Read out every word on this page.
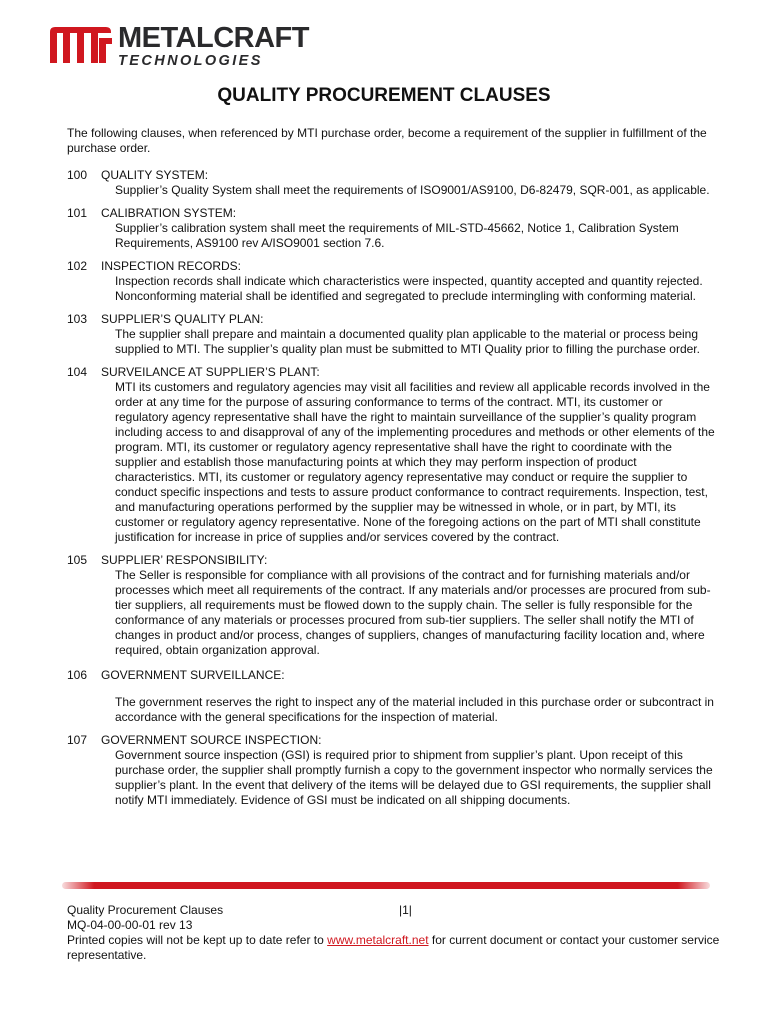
METALCRAFT
TECHNOLOGIES
QUALITY PROCUREMENT CLAUSES

The following clauses, when referenced by MTI purchase order, become a requirement of the supplier in fulfillment of the purchase order.

100	QUALITY SYSTEM:

Supplier’s Quality System shall meet the requirements of ISO9001/AS9100, D6-82479, SQR-001, as applicable.

101	CALIBRATION SYSTEM:

Supplier’s calibration system shall meet the requirements of MIL-STD-45662, Notice 1, Calibration System Requirements, AS9100 rev A/ISO9001 section 7.6.

102	INSPECTION RECORDS:

Inspection records shall indicate which characteristics were inspected, quantity accepted and quantity rejected. Nonconforming material shall be identified and segregated to preclude intermingling with conforming material.

103	SUPPLIER’S QUALITY PLAN:

The supplier shall prepare and maintain a documented quality plan applicable to the material or process being supplied to MTI. The supplier’s quality plan must be submitted to MTI Quality prior to filling the purchase order.

104	SURVEILANCE AT SUPPLIER’S PLANT:

MTI its customers and regulatory agencies may visit all facilities and review all applicable records involved in the order at any time for the purpose of assuring conformance to terms of the contract. MTI, its customer or regulatory agency representative shall have the right to maintain surveillance of the supplier’s quality program including access to and disapproval of any of the implementing procedures and methods or other elements of the program. MTI, its customer or regulatory agency representative shall have the right to coordinate with the supplier and establish those manufacturing points at which they may perform inspection of product characteristics. MTI, its customer or regulatory agency representative may conduct or require the supplier to conduct specific inspections and tests to assure product conformance to contract requirements. Inspection, test, and manufacturing operations performed by the supplier may be witnessed in whole, or in part, by MTI, its customer or regulatory agency representative. None of the foregoing actions on the part of MTI shall constitute justification for increase in price of supplies and/or services covered by the contract.

105	SUPPLIER’ RESPONSIBILITY:

The Seller is responsible for compliance with all provisions of the contract and for furnishing materials and/or processes which meet all requirements of the contract. If any materials and/or processes are procured from sub-tier suppliers, all requirements must be flowed down to the supply chain. The seller is fully responsible for the conformance of any materials or processes procured from sub-tier suppliers. The seller shall notify the MTI of changes in product and/or process, changes of suppliers, changes of manufacturing facility location and, where required, obtain organization approval.

106	GOVERNMENT SURVEILLANCE:

The government reserves the right to inspect any of the material included in this purchase order or subcontract in accordance with the general specifications for the inspection of material.

107	GOVERNMENT SOURCE INSPECTION:

Government source inspection (GSI) is required prior to shipment from supplier’s plant. Upon receipt of this purchase order, the supplier shall promptly furnish a copy to the government inspector who normally services the supplier’s plant. In the event that delivery of the items will be delayed due to GSI requirements, the supplier shall notify MTI immediately. Evidence of GSI must be indicated on all shipping documents.

Quality Procurement Clauses	|1|
MQ-04-00-00-01 rev 13
Printed copies will not be kept up to date refer to www.metalcraft.net for current document or contact your customer service representative.
